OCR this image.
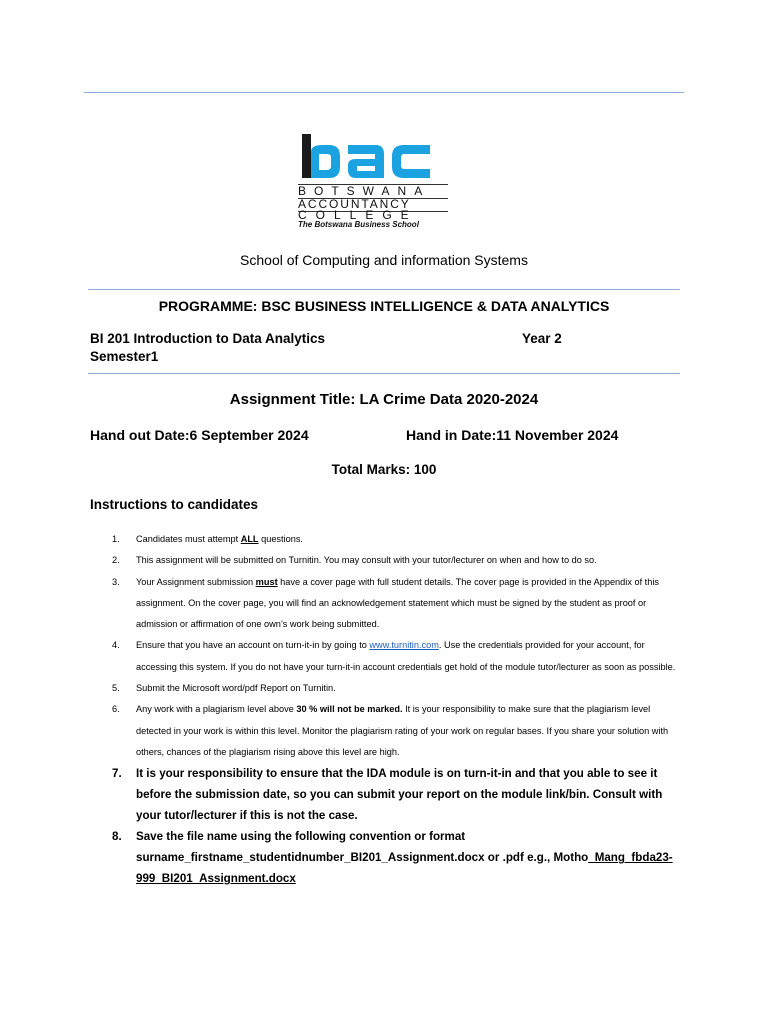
BOTSWANA
ACCOUNTANCY
COLLEGE
The Botswana Business School
School of Computing and information Systems
PROGRAMME: BSC BUSINESS INTELLIGENCE & DATA ANALYTICS
BI 201 Introduction to Data Analytics	Year 2
Semester1
Assignment Title: LA Crime Data 2020-2024
Hand out Date:6 September 2024	Hand in Date:11 November 2024
Total Marks: 100
Instructions to candidates
1. Candidates must attempt ALL questions.
2. This assignment will be submitted on Turnitin. You may consult with your tutor/lecturer on when and how to do so.
3. Your Assignment submission must have a cover page with full student details. The cover page is provided in the Appendix of this assignment. On the cover page, you will find an acknowledgement statement which must be signed by the student as proof or admission or affirmation of one own’s work being submitted.
4. Ensure that you have an account on turn-it-in by going to www.turnitin.com. Use the credentials provided for your account, for accessing this system. If you do not have your turn-it-in account credentials get hold of the module tutor/lecturer as soon as possible.
5. Submit the Microsoft word/pdf Report on Turnitin.
6. Any work with a plagiarism level above 30 % will not be marked. It is your responsibility to make sure that the plagiarism level detected in your work is within this level. Monitor the plagiarism rating of your work on regular bases. If you share your solution with others, chances of the plagiarism rising above this level are high.
7. It is your responsibility to ensure that the IDA module is on turn-it-in and that you able to see it before the submission date, so you can submit your report on the module link/bin. Consult with your tutor/lecturer if this is not the case.
8. Save the file name using the following convention or format
surname_firstname_studentidnumber_BI201_Assignment.docx or .pdf e.g., Motho_Mang_fbda23-999_BI201_Assignment.docx
